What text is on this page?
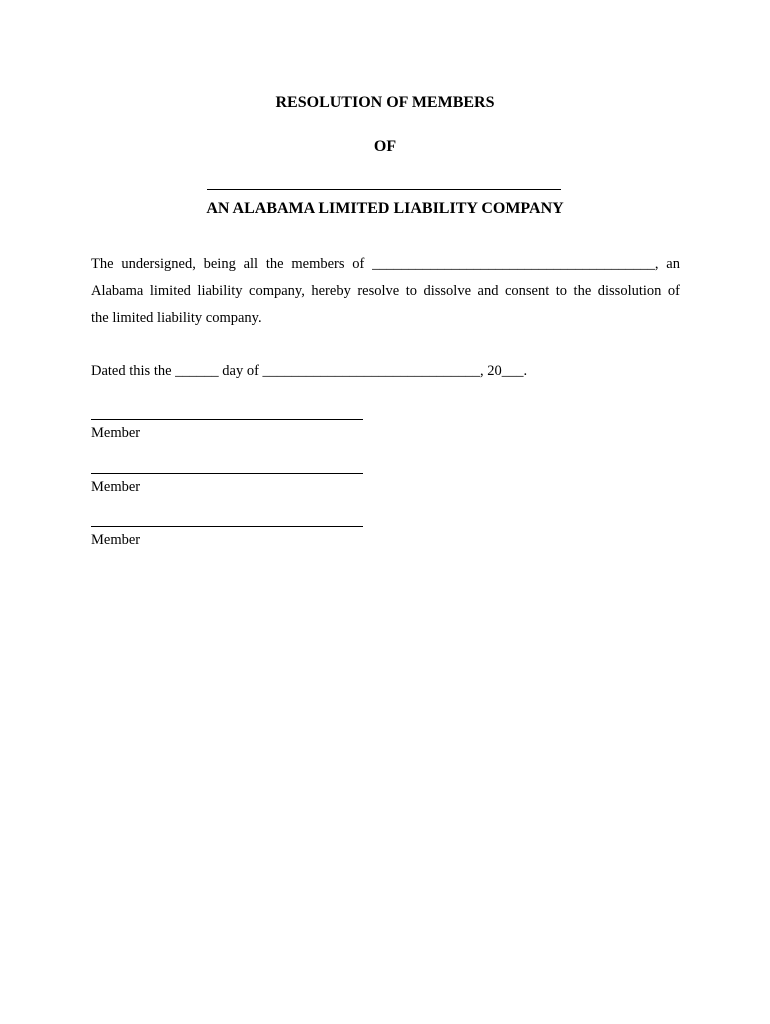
RESOLUTION OF MEMBERS
OF
AN ALABAMA LIMITED LIABILITY COMPANY
The undersigned, being all the members of _______________________________________, an
Alabama limited liability company, hereby resolve to dissolve and consent to the dissolution of
the limited liability company.
Dated this the ______ day of ______________________________, 20___.
Member
Member
Member
